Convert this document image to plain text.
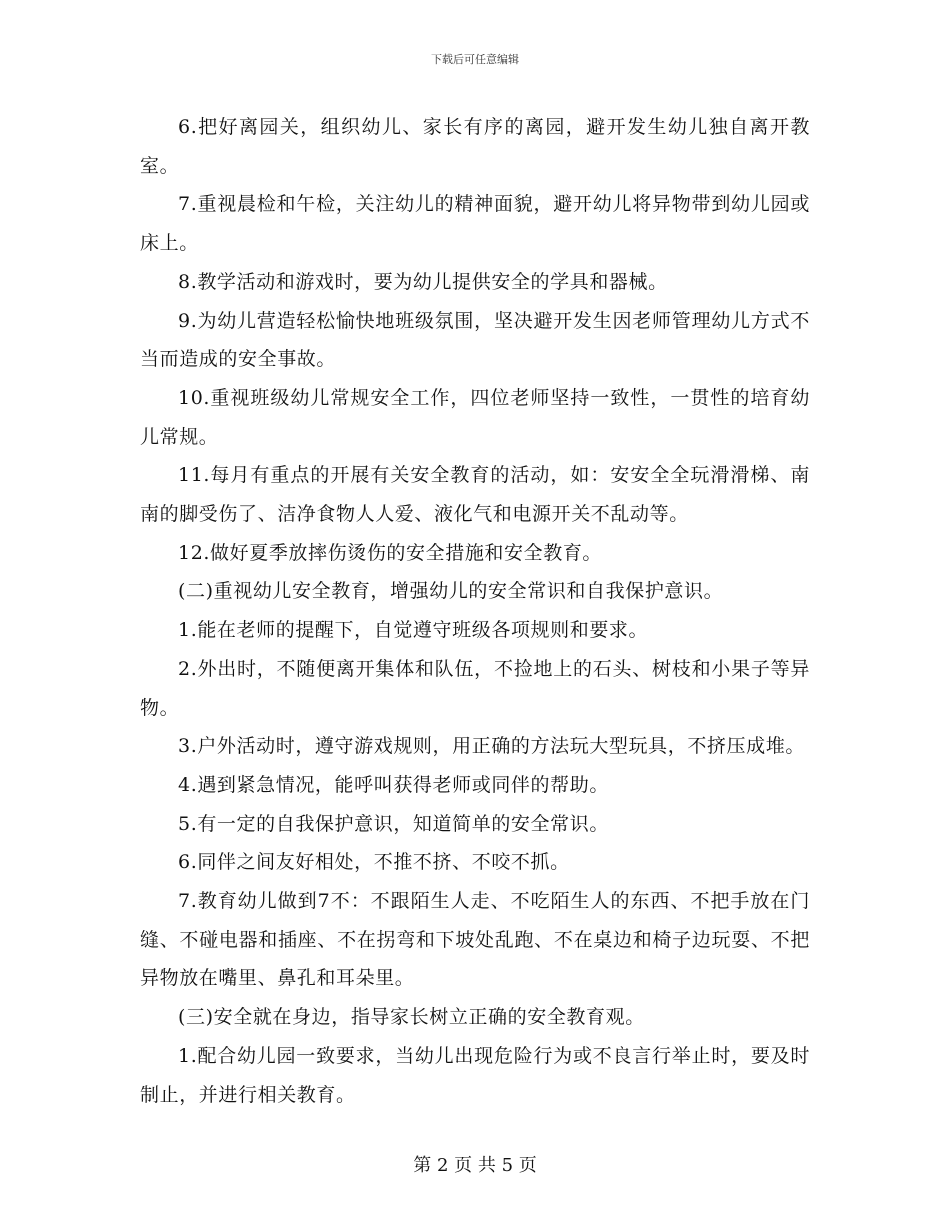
下载后可任意编辑

6.把好离园关，组织幼儿、家长有序的离园，避开发生幼儿独自离开教室。

7.重视晨检和午检，关注幼儿的精神面貌，避开幼儿将异物带到幼儿园或床上。

8.教学活动和游戏时，要为幼儿提供安全的学具和器械。

9.为幼儿营造轻松愉快地班级氛围，坚决避开发生因老师管理幼儿方式不当而造成的安全事故。

10.重视班级幼儿常规安全工作，四位老师坚持一致性，一贯性的培育幼儿常规。

11.每月有重点的开展有关安全教育的活动，如：安安全全玩滑滑梯、南南的脚受伤了、洁净食物人人爱、液化气和电源开关不乱动等。

12.做好夏季放摔伤烫伤的安全措施和安全教育。

(二)重视幼儿安全教育，增强幼儿的安全常识和自我保护意识。

1.能在老师的提醒下，自觉遵守班级各项规则和要求。

2.外出时，不随便离开集体和队伍，不捡地上的石头、树枝和小果子等异物。

3.户外活动时，遵守游戏规则，用正确的方法玩大型玩具，不挤压成堆。

4.遇到紧急情况，能呼叫获得老师或同伴的帮助。

5.有一定的自我保护意识，知道简单的安全常识。

6.同伴之间友好相处，不推不挤、不咬不抓。

7.教育幼儿做到7不：不跟陌生人走、不吃陌生人的东西、不把手放在门缝、不碰电器和插座、不在拐弯和下坡处乱跑、不在桌边和椅子边玩耍、不把异物放在嘴里、鼻孔和耳朵里。

(三)安全就在身边，指导家长树立正确的安全教育观。

1.配合幼儿园一致要求，当幼儿出现危险行为或不良言行举止时，要及时制止，并进行相关教育。

第 2 页 共 5 页
